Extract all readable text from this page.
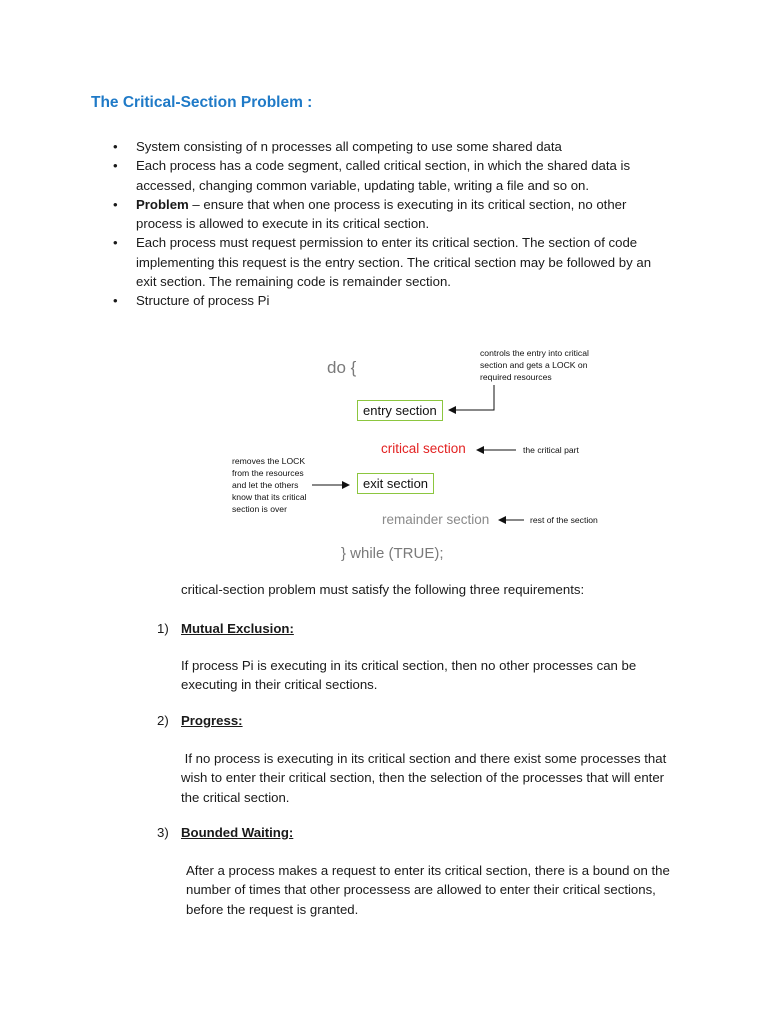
The Critical-Section Problem :
• System consisting of n processes all competing to use some shared data
• Each process has a code segment, called critical section, in which the shared data is accessed, changing common variable, updating table, writing a file and so on.
• Problem – ensure that when one process is executing in its critical section, no other process is allowed to execute in its critical section.
• Each process must request permission to enter its critical section. The section of code implementing this request is the entry section. The critical section may be followed by an exit section. The remaining code is remainder section.
• Structure of process Pi
do {
controls the entry into critical
section and gets a LOCK on
required resources
entry section
critical section	the critical part
removes the LOCK
from the resources
and let the others
know that its critical
section is over
exit section
remainder section	rest of the section
} while (TRUE);
critical-section problem must satisfy the following three requirements:
1) Mutual Exclusion:
If process Pi is executing in its critical section, then no other processes can be executing in their critical sections.
2) Progress:
If no process is executing in its critical section and there exist some processes that wish to enter their critical section, then the selection of the processes that will enter the critical section.
3) Bounded Waiting:
After a process makes a request to enter its critical section, there is a bound on the number of times that other processess are allowed to enter their critical sections, before the request is granted.
